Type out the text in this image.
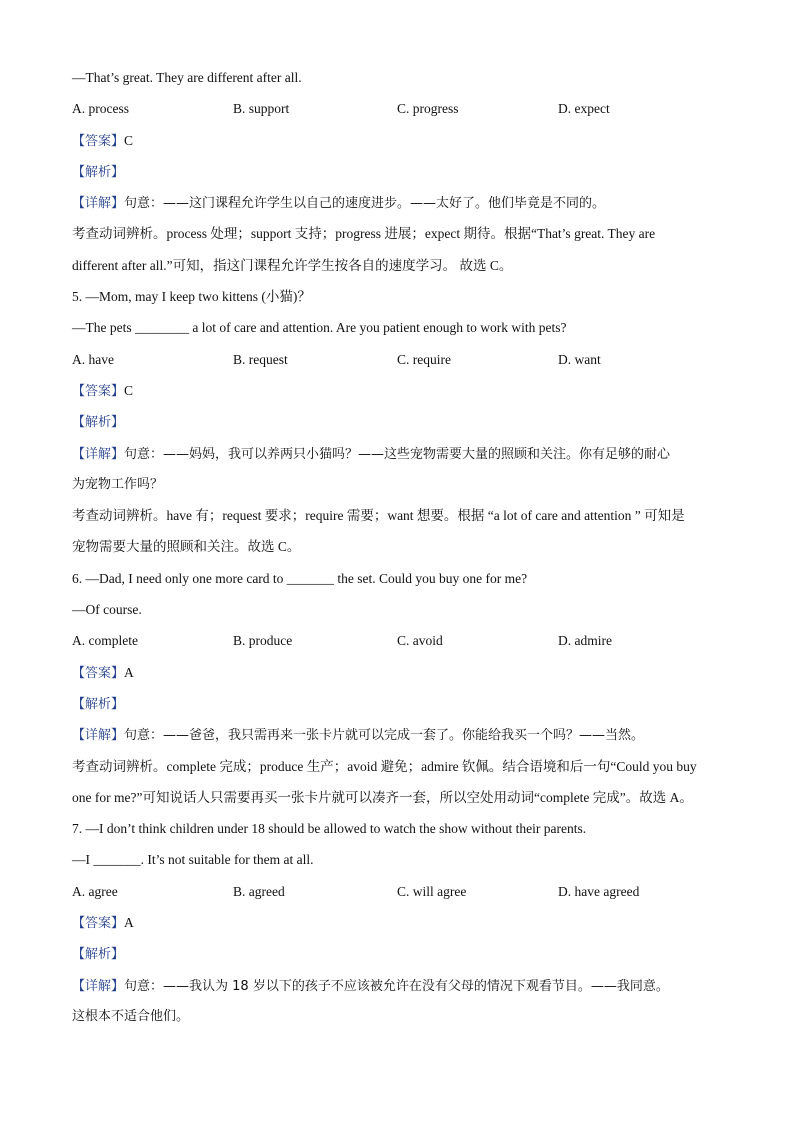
—That’s great. They are different after all.
A. process	B. support	C. progress	D. expect
【答案】C
【解析】
【详解】句意：——这门课程允许学生以自己的速度进步。——太好了。他们毕竟是不同的。
考查动词辨析。process 处理；support 支持；progress 进展；expect 期待。根据“That’s great. They are
different after all.”可知，指这门课程允许学生按各自的速度学习。 故选 C。
5. —Mom, may I keep two kittens (小猫)？
—The pets ________ a lot of care and attention. Are you patient enough to work with pets?
A. have	B. request	C. require	D. want
【答案】C
【解析】
【详解】句意：——妈妈，我可以养两只小猫吗？——这些宠物需要大量的照顾和关注。你有足够的耐心
为宠物工作吗？
考查动词辨析。have 有；request 要求；require 需要；want 想要。根据 “a lot of care and attention ” 可知是
宠物需要大量的照顾和关注。故选 C。
6. —Dad, I need only one more card to _______ the set. Could you buy one for me?
—Of course.
A. complete	B. produce	C. avoid	D. admire
【答案】A
【解析】
【详解】句意：——爸爸，我只需再来一张卡片就可以完成一套了。你能给我买一个吗？——当然。
考查动词辨析。complete 完成；produce 生产；avoid 避免；admire 钦佩。结合语境和后一句“Could you buy
one for me?”可知说话人只需要再买一张卡片就可以凑齐一套，所以空处用动词“complete 完成”。故选 A。
7. —I don’t think children under 18 should be allowed to watch the show without their parents.
—I _______. It’s not suitable for them at all.
A. agree	B. agreed	C. will agree	D. have agreed
【答案】A
【解析】
【详解】句意：——我认为 18 岁以下的孩子不应该被允许在没有父母的情况下观看节目。——我同意。
这根本不适合他们。
